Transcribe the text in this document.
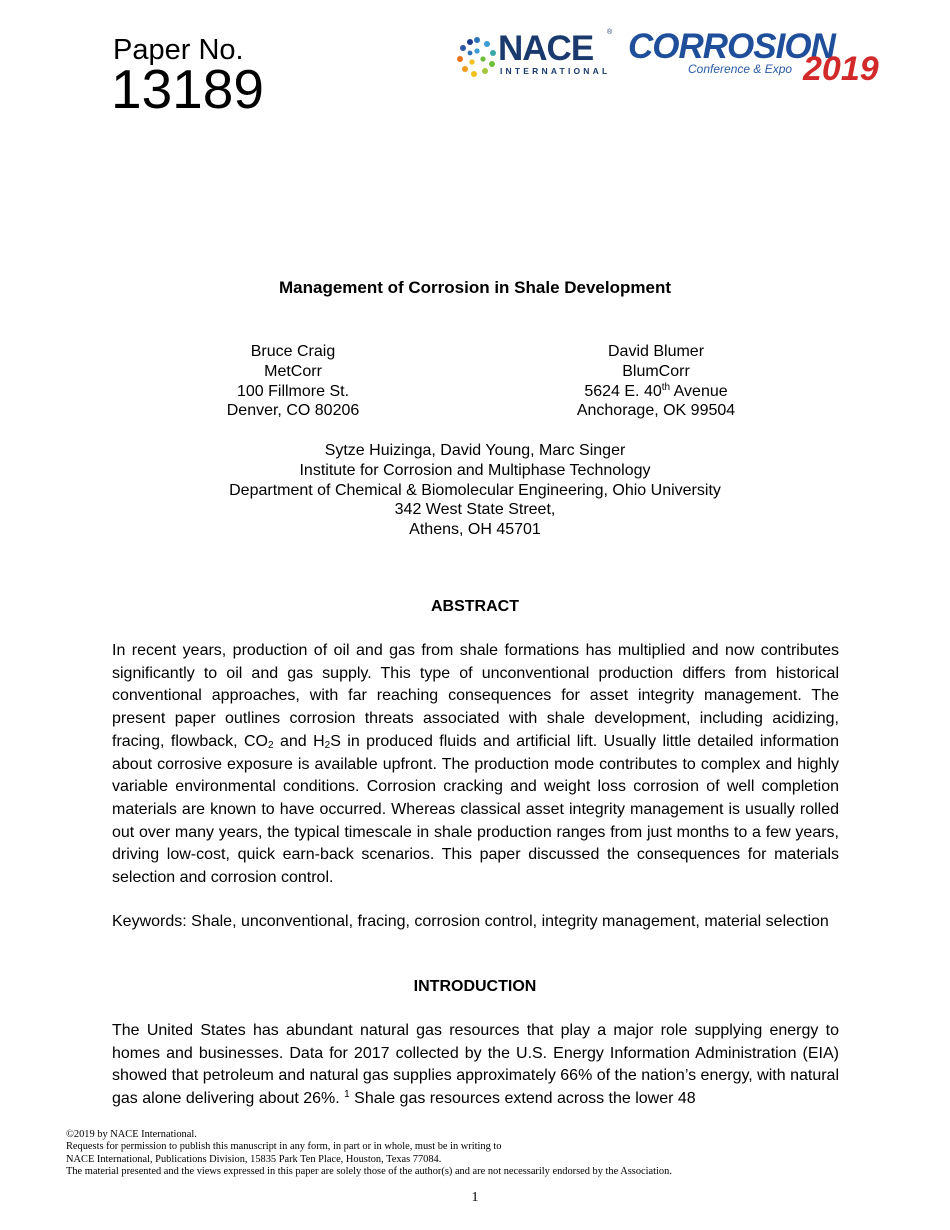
Paper No.
13189
NACE ®
INTERNATIONAL
CORROSION
Conference & Expo 2019
Management of Corrosion in Shale Development
Bruce Craig
MetCorr
100 Fillmore St.
Denver, CO 80206
David Blumer
BlumCorr
5624 E. 40th Avenue
Anchorage, OK 99504
Sytze Huizinga, David Young, Marc Singer
Institute for Corrosion and Multiphase Technology
Department of Chemical & Biomolecular Engineering, Ohio University
342 West State Street,
Athens, OH 45701
ABSTRACT
In recent years, production of oil and gas from shale formations has multiplied and now contributes significantly to oil and gas supply. This type of unconventional production differs from historical conventional approaches, with far reaching consequences for asset integrity management. The present paper outlines corrosion threats associated with shale development, including acidizing, fracing, flowback, $CO_2$ and $H_2S$ in produced fluids and artificial lift. Usually little detailed information about corrosive exposure is available upfront. The production mode contributes to complex and highly variable environmental conditions. Corrosion cracking and weight loss corrosion of well completion materials are known to have occurred. Whereas classical asset integrity management is usually rolled out over many years, the typical timescale in shale production ranges from just months to a few years, driving low-cost, quick earn-back scenarios. This paper discussed the consequences for materials selection and corrosion control.
Keywords: Shale, unconventional, fracing, corrosion control, integrity management, material selection
INTRODUCTION
The United States has abundant natural gas resources that play a major role supplying energy to homes and businesses. Data for 2017 collected by the U.S. Energy Information Administration (EIA) showed that petroleum and natural gas supplies approximately 66% of the nation’s energy, with natural gas alone delivering about 26%. $^1$ Shale gas resources extend across the lower 48
©2019 by NACE International.
Requests for permission to publish this manuscript in any form, in part or in whole, must be in writing to
NACE International, Publications Division, 15835 Park Ten Place, Houston, Texas 77084.
The material presented and the views expressed in this paper are solely those of the author(s) and are not necessarily endorsed by the Association.
1
